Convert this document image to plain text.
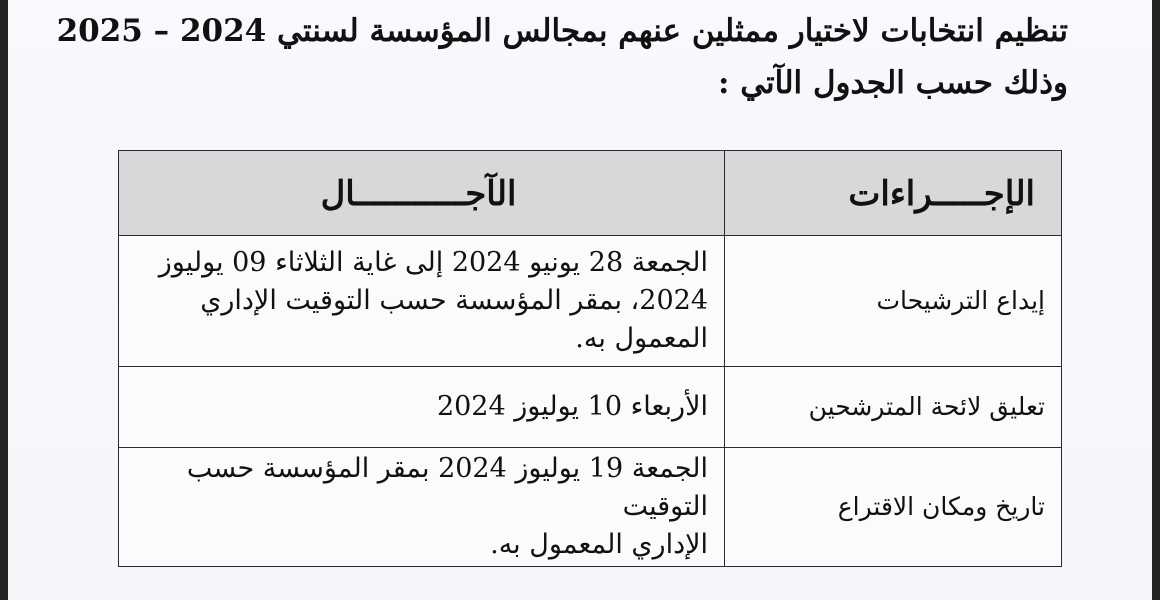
تنظيم انتخابات لاختيار ممثلين عنهم بمجالس المؤسسة لسنتي 2024 – 2025
وذلك حسب الجدول الآتي :
الإجـــــراءات	الآجـــــــــــال
إيداع الترشيحات	الجمعة 28 يونيو 2024 إلى غاية الثلاثاء 09 يوليوز
2024، بمقر المؤسسة حسب التوقيت الإداري المعمول به.

تعليق لائحة المترشحين	الأربعاء 10 يوليوز 2024

تاريخ ومكان الاقتراع	الجمعة 19 يوليوز 2024 بمقر المؤسسة حسب التوقيت
الإداري المعمول به.
